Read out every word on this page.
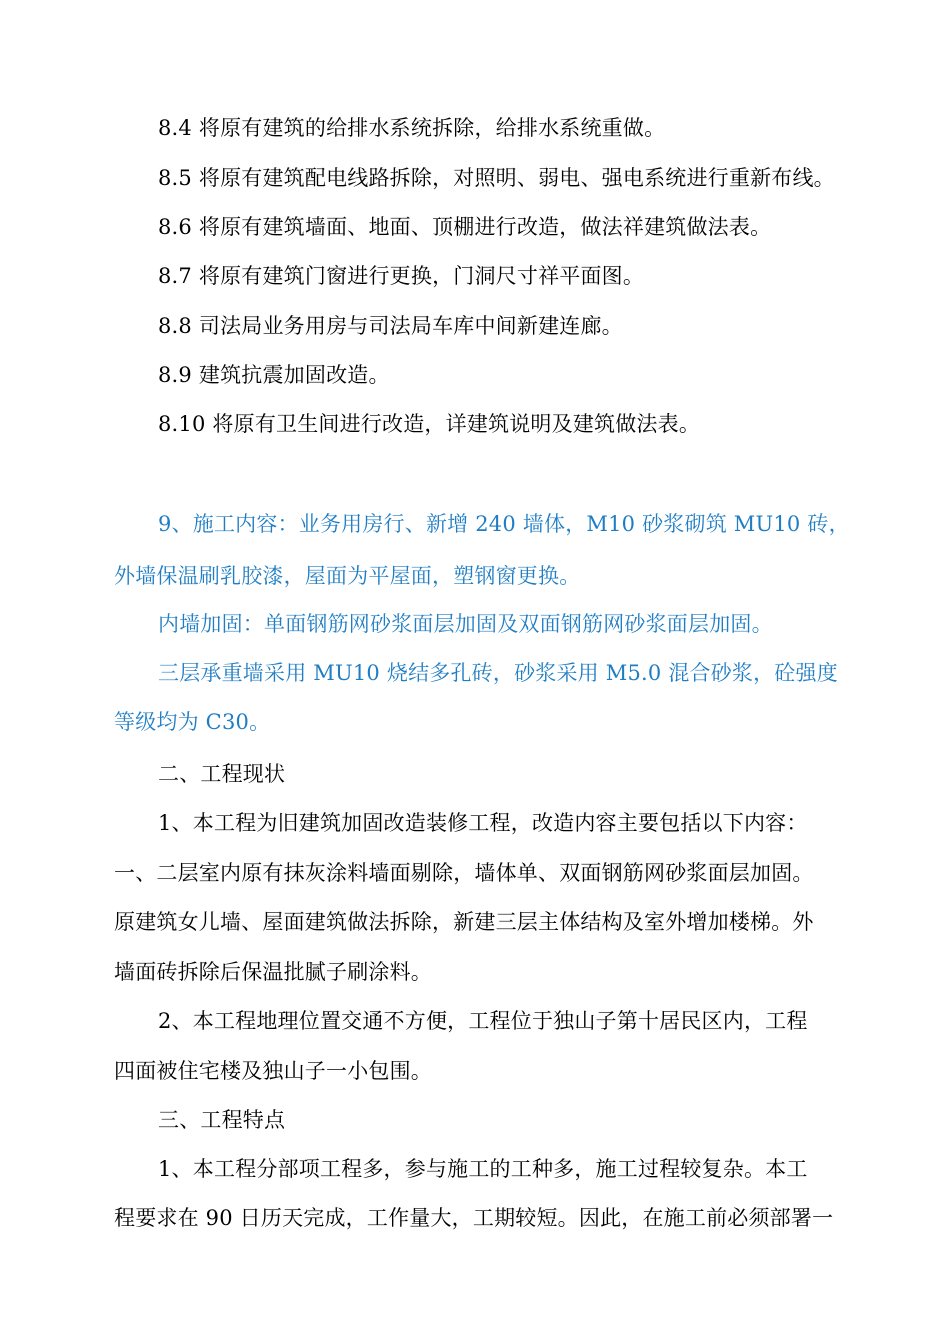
8.4 将原有建筑的给排水系统拆除，给排水系统重做。
8.5 将原有建筑配电线路拆除，对照明、弱电、强电系统进行重新布线。
8.6 将原有建筑墙面、地面、顶棚进行改造，做法祥建筑做法表。
8.7 将原有建筑门窗进行更换，门洞尺寸祥平面图。
8.8 司法局业务用房与司法局车库中间新建连廊。
8.9 建筑抗震加固改造。
8.10 将原有卫生间进行改造，详建筑说明及建筑做法表。
9、施工内容：业务用房行、新增 240 墙体，M10 砂浆砌筑 MU10 砖，
外墙保温刷乳胶漆，屋面为平屋面，塑钢窗更换。
内墙加固：单面钢筋网砂浆面层加固及双面钢筋网砂浆面层加固。
三层承重墙采用 MU10 烧结多孔砖，砂浆采用 M5.0 混合砂浆，砼强度
等级均为 C30。
二、工程现状
1、本工程为旧建筑加固改造装修工程，改造内容主要包括以下内容：
一、二层室内原有抹灰涂料墙面剔除，墙体单、双面钢筋网砂浆面层加固。
原建筑女儿墙、屋面建筑做法拆除，新建三层主体结构及室外增加楼梯。外
墙面砖拆除后保温批腻子刷涂料。
2、本工程地理位置交通不方便，工程位于独山子第十居民区内，工程
四面被住宅楼及独山子一小包围。
三、工程特点
1、本工程分部项工程多，参与施工的工种多，施工过程较复杂。本工
程要求在 90 日历天完成，工作量大，工期较短。因此，在施工前必须部署一
